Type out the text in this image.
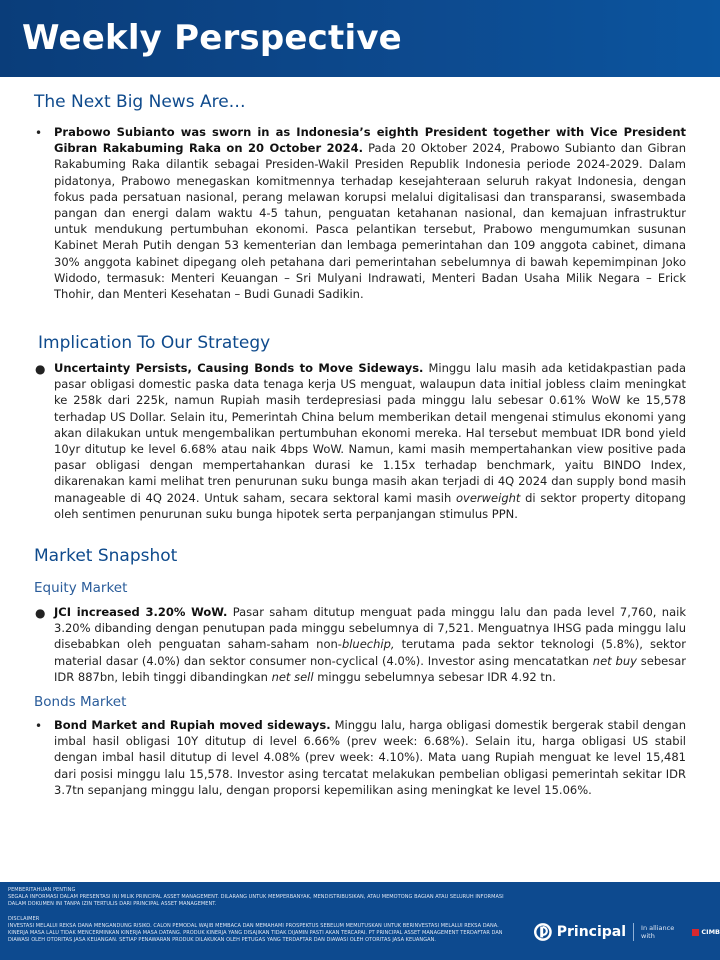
Weekly Perspective
The Next Big News Are…
• Prabowo Subianto was sworn in as Indonesia’s eighth President together with Vice President Gibran Rakabuming Raka on 20 October 2024. Pada 20 Oktober 2024, Prabowo Subianto dan Gibran Rakabuming Raka dilantik sebagai Presiden-Wakil Presiden Republik Indonesia periode 2024-2029. Dalam pidatonya, Prabowo menegaskan komitmennya terhadap kesejahteraan seluruh rakyat Indonesia, dengan fokus pada persatuan nasional, perang melawan korupsi melalui digitalisasi dan transparansi, swasembada pangan dan energi dalam waktu 4-5 tahun, penguatan ketahanan nasional, dan kemajuan infrastruktur untuk mendukung pertumbuhan ekonomi. Pasca pelantikan tersebut, Prabowo mengumumkan susunan Kabinet Merah Putih dengan 53 kementerian dan lembaga pemerintahan dan 109 anggota cabinet, dimana 30% anggota kabinet dipegang oleh petahana dari pemerintahan sebelumnya di bawah kepemimpinan Joko Widodo, termasuk: Menteri Keuangan – Sri Mulyani Indrawati, Menteri Badan Usaha Milik Negara – Erick Thohir, dan Menteri Kesehatan – Budi Gunadi Sadikin.

Implication To Our Strategy
● Uncertainty Persists, Causing Bonds to Move Sideways. Minggu lalu masih ada ketidakpastian pada pasar obligasi domestic paska data tenaga kerja US menguat, walaupun data initial jobless claim meningkat ke 258k dari 225k, namun Rupiah masih terdepresiasi pada minggu lalu sebesar 0.61% WoW ke 15,578 terhadap US Dollar. Selain itu, Pemerintah China belum memberikan detail mengenai stimulus ekonomi yang akan dilakukan untuk mengembalikan pertumbuhan ekonomi mereka. Hal tersebut membuat IDR bond yield 10yr ditutup ke level 6.68% atau naik 4bps WoW. Namun, kami masih mempertahankan view positive pada pasar obligasi dengan mempertahankan durasi ke 1.15x terhadap benchmark, yaitu BINDO Index, dikarenakan kami melihat tren penurunan suku bunga masih akan terjadi di 4Q 2024 dan supply bond masih manageable di 4Q 2024. Untuk saham, secara sektoral kami masih overweight di sektor property ditopang oleh sentimen penurunan suku bunga hipotek serta perpanjangan stimulus PPN.

Market Snapshot
Equity Market
● JCI increased 3.20% WoW. Pasar saham ditutup menguat pada minggu lalu dan pada level 7,760, naik 3.20% dibanding dengan penutupan pada minggu sebelumnya di 7,521. Menguatnya IHSG pada minggu lalu disebabkan oleh penguatan saham-saham non-bluechip, terutama pada sektor teknologi (5.8%), sektor material dasar (4.0%) dan sektor consumer non-cyclical (4.0%). Investor asing mencatatkan net buy sebesar IDR 887bn, lebih tinggi dibandingkan net sell minggu sebelumnya sebesar IDR 4.92 tn.

Bonds Market
• Bond Market and Rupiah moved sideways. Minggu lalu, harga obligasi domestik bergerak stabil dengan imbal hasil obligasi 10Y ditutup di level 6.66% (prev week: 6.68%). Selain itu, harga obligasi US stabil dengan imbal hasil ditutup di level 4.08% (prev week: 4.10%). Mata uang Rupiah menguat ke level 15,481 dari posisi minggu lalu 15,578. Investor asing tercatat melakukan pembelian obligasi pemerintah sekitar IDR 3.7tn sepanjang minggu lalu, dengan proporsi kepemilikan asing meningkat ke level 15.06%.

PEMBERITAHUAN PENTING
SEGALA INFORMASI DALAM PRESENTASI INI MILIK PRINCIPAL ASSET MANAGEMENT. DILARANG UNTUK MEMPERBANYAK, MENDISTRIBUSIKAN, ATAU MEMOTONG BAGIAN ATAU SELURUH INFORMASI DALAM DOKUMEN INI TANPA IZIN TERTULIS DARI PRINCIPAL ASSET MANAGEMENT.

DISCLAIMER
INVESTASI MELALUI REKSA DANA MENGANDUNG RISIKO. CALON PEMODAL WAJIB MEMBACA DAN MEMAHAMI PROSPEKTUS SEBELUM MEMUTUSKAN UNTUK BERINVESTASI MELALUI REKSA DANA. KINERJA MASA LALU TIDAK MENCERMINKAN KINERJA MASA DATANG. PRODUK KINERJA YANG DISAJIKAN TIDAK DIJAMIN PASTI AKAN TERCAPAI. PT PRINCIPAL ASSET MANAGEMENT TERDAFTAR DAN DIAWASI OLEH OTORITAS JASA KEUANGAN. SETIAP PENAWARAN PRODUK DILAKUKAN OLEH PETUGAS YANG TERDAFTAR DAN DIAWASI OLEH OTORITAS JASA KEUANGAN.	Principal In alliance with	CIMB
